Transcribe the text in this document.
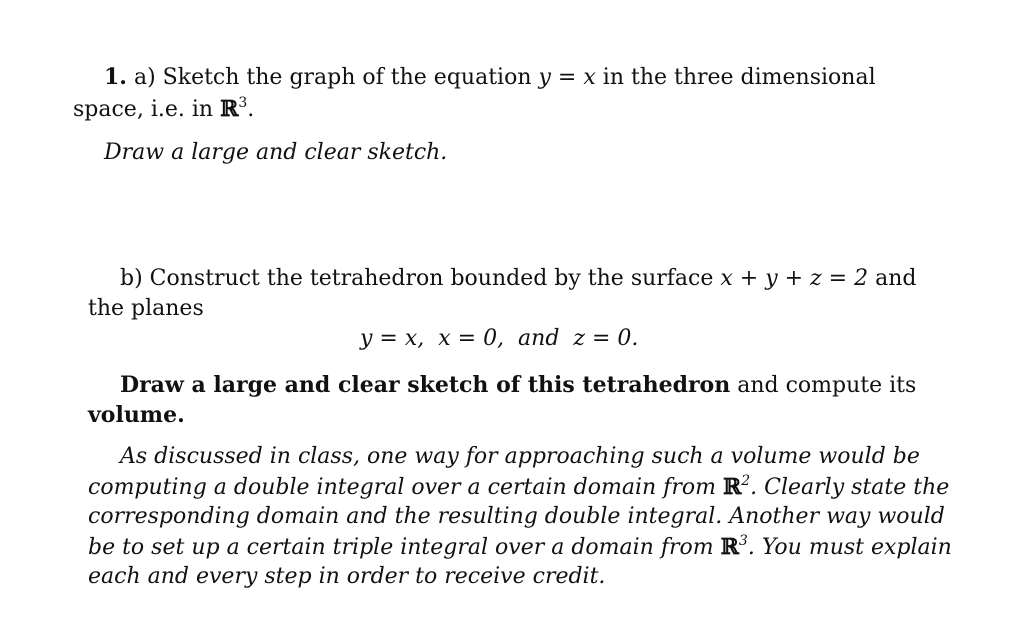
1. a) Sketch the graph of the equation y = x in the three dimensional
space, i.e. in ℝ$^3$.
Draw a large and clear sketch.
b) Construct the tetrahedron bounded by the surface x + y + z = 2 and
the planes
y = x,  x = 0,  and  z = 0.
Draw a large and clear sketch of this tetrahedron and compute its
volume.
As discussed in class, one way for approaching such a volume would be
computing a double integral over a certain domain from ℝ$^2$. Clearly state the
corresponding domain and the resulting double integral. Another way would
be to set up a certain triple integral over a domain from ℝ$^3$. You must explain
each and every step in order to receive credit.
